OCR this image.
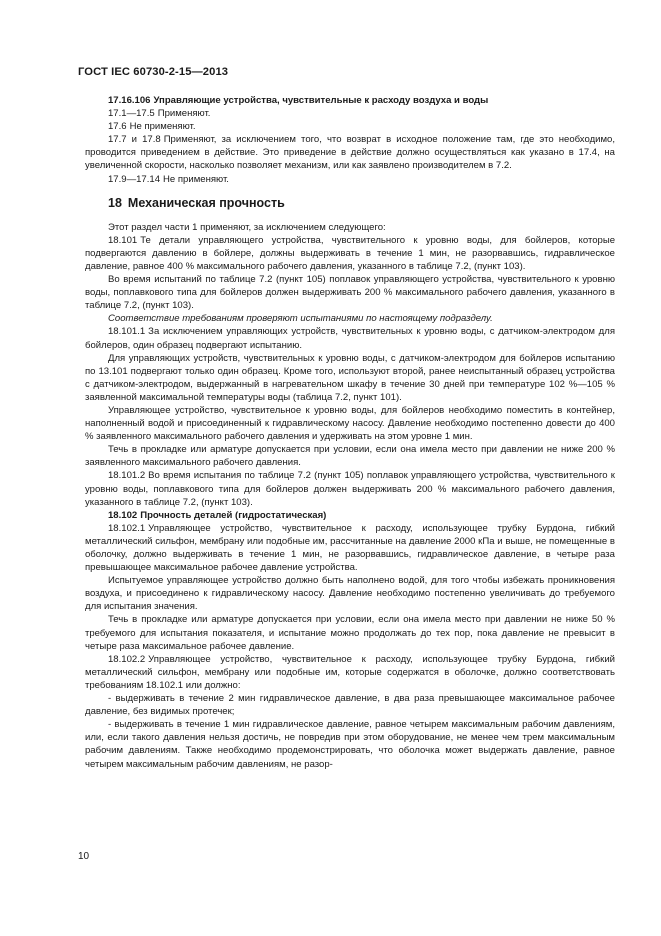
ГОСТ IEC 60730-2-15—2013

17.16.106 Управляющие устройства, чувствительные к расходу воздуха и воды

17.1—17.5 Применяют.

17.6 Не применяют.

17.7 и 17.8 Применяют, за исключением того, что возврат в исходное положение там, где это необходимо, проводится приведением в действие. Это приведение в действие должно осуществляться как указано в 17.4, на увеличенной скорости, насколько позволяет механизм, или как заявлено производителем в 7.2.

17.9—17.14 Не применяют.

18 Механическая прочность

Этот раздел части 1 применяют, за исключением следующего:

18.101 Те детали управляющего устройства, чувствительного к уровню воды, для бойлеров, которые подвергаются давлению в бойлере, должны выдерживать в течение 1 мин, не разорвавшись, гидравлическое давление, равное 400 % максимального рабочего давления, указанного в таблице 7.2, (пункт 103).

Во время испытаний по таблице 7.2 (пункт 105) поплавок управляющего устройства, чувствительного к уровню воды, поплавкового типа для бойлеров должен выдерживать 200 % максимального рабочего давления, указанного в таблице 7.2, (пункт 103).

Соответствие требованиям проверяют испытаниями по настоящему подразделу.

18.101.1 За исключением управляющих устройств, чувствительных к уровню воды, с датчиком-электродом для бойлеров, один образец подвергают испытанию.

Для управляющих устройств, чувствительных к уровню воды, с датчиком-электродом для бойлеров испытанию по 13.101 подвергают только один образец. Кроме того, используют второй, ранее неиспытанный образец устройства с датчиком-электродом, выдержанный в нагревательном шкафу в течение 30 дней при температуре 102 %—105 % заявленной максимальной температуры воды (таблица 7.2, пункт 101).

Управляющее устройство, чувствительное к уровню воды, для бойлеров необходимо поместить в контейнер, наполненный водой и присоединенный к гидравлическому насосу. Давление необходимо постепенно довести до 400 % заявленного максимального рабочего давления и удерживать на этом уровне 1 мин.

Течь в прокладке или арматуре допускается при условии, если она имела место при давлении не ниже 200 % заявленного максимального рабочего давления.

18.101.2 Во время испытания по таблице 7.2 (пункт 105) поплавок управляющего устройства, чувствительного к уровню воды, поплавкового типа для бойлеров должен выдерживать 200 % максимального рабочего давления, указанного в таблице 7.2, (пункт 103).

18.102 Прочность деталей (гидростатическая)

18.102.1 Управляющее устройство, чувствительное к расходу, использующее трубку Бурдона, гибкий металлический сильфон, мембрану или подобные им, рассчитанные на давление 2000 кПа и выше, не помещенные в оболочку, должно выдерживать в течение 1 мин, не разорвавшись, гидравлическое давление, в четыре раза превышающее максимальное рабочее давление устройства.

Испытуемое управляющее устройство должно быть наполнено водой, для того чтобы избежать проникновения воздуха, и присоединено к гидравлическому насосу. Давление необходимо постепенно увеличивать до требуемого для испытания значения.

Течь в прокладке или арматуре допускается при условии, если она имела место при давлении не ниже 50 % требуемого для испытания показателя, и испытание можно продолжать до тех пор, пока давление не превысит в четыре раза максимальное рабочее давление.

18.102.2 Управляющее устройство, чувствительное к расходу, использующее трубку Бурдона, гибкий металлический сильфон, мембрану или подобные им, которые содержатся в оболочке, должно соответствовать требованиям 18.102.1 или должно:

- выдерживать в течение 2 мин гидравлическое давление, в два раза превышающее максимальное рабочее давление, без видимых протечек;

- выдерживать в течение 1 мин гидравлическое давление, равное четырем максимальным рабочим давлениям, или, если такого давления нельзя достичь, не повредив при этом оборудование, не менее чем трем максимальным рабочим давлениям. Также необходимо продемонстрировать, что оболочка может выдержать давление, равное четырем максимальным рабочим давлениям, не разор-

10
